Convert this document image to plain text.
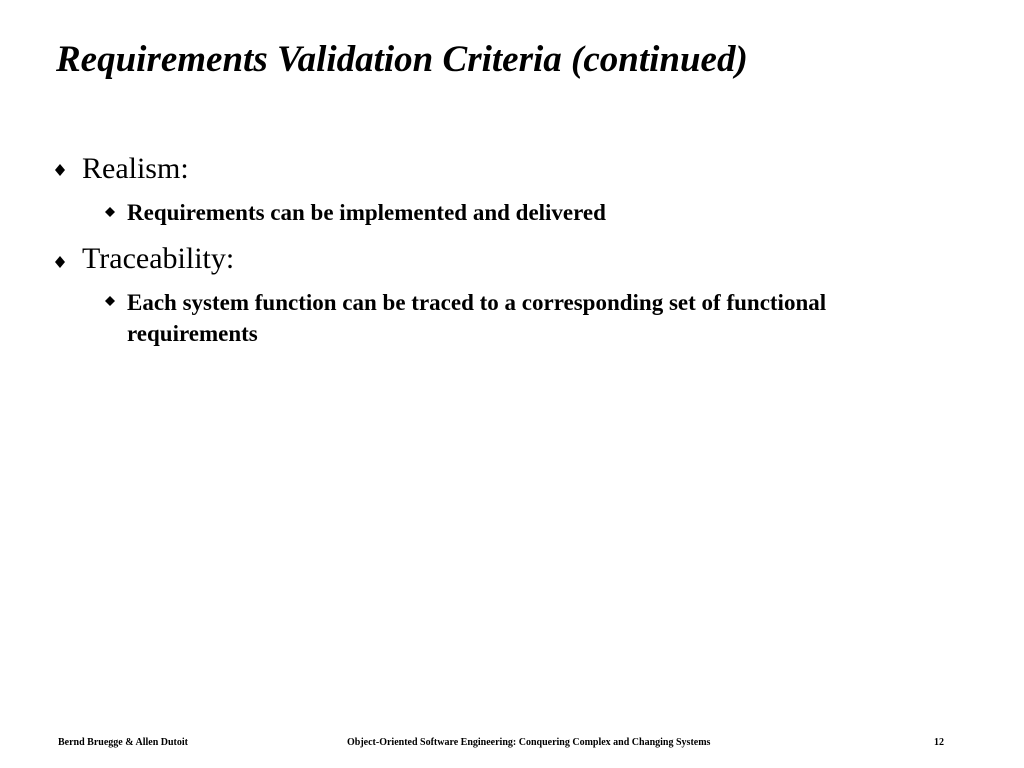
Requirements Validation Criteria (continued)
Realism:
Requirements can be implemented and delivered
Traceability:
Each system function can be traced to a corresponding set of functional requirements
Bernd Bruegge & Allen Dutoit	Object-Oriented Software Engineering: Conquering Complex and Changing Systems	12
